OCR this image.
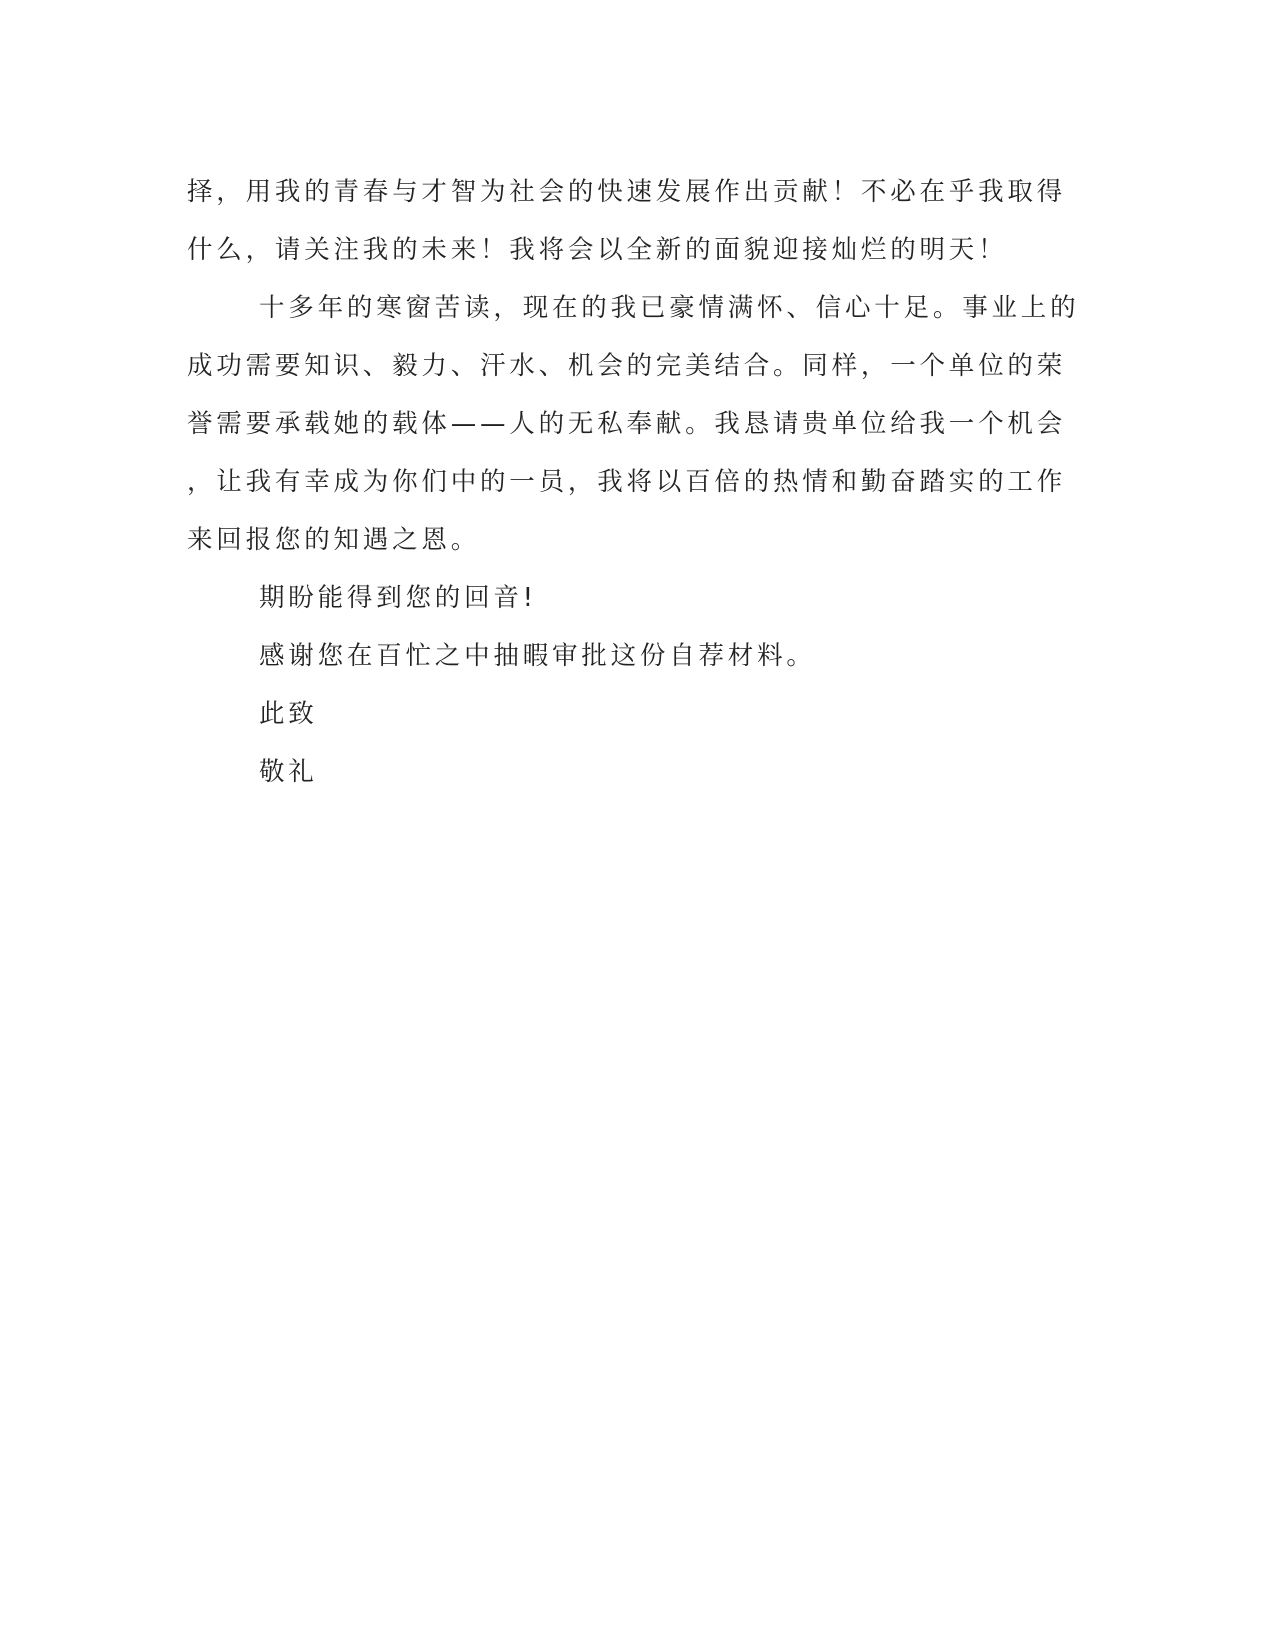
择，用我的青春与才智为社会的快速发展作出贡献！不必在乎我取得
什么，请关注我的未来！我将会以全新的面貌迎接灿烂的明天！
十多年的寒窗苦读，现在的我已豪情满怀、信心十足。事业上的
成功需要知识、毅力、汗水、机会的完美结合。同样，一个单位的荣
誉需要承载她的载体——人的无私奉献。我恳请贵单位给我一个机会
，让我有幸成为你们中的一员，我将以百倍的热情和勤奋踏实的工作
来回报您的知遇之恩。
期盼能得到您的回音!
感谢您在百忙之中抽暇审批这份自荐材料。
此致
敬礼
